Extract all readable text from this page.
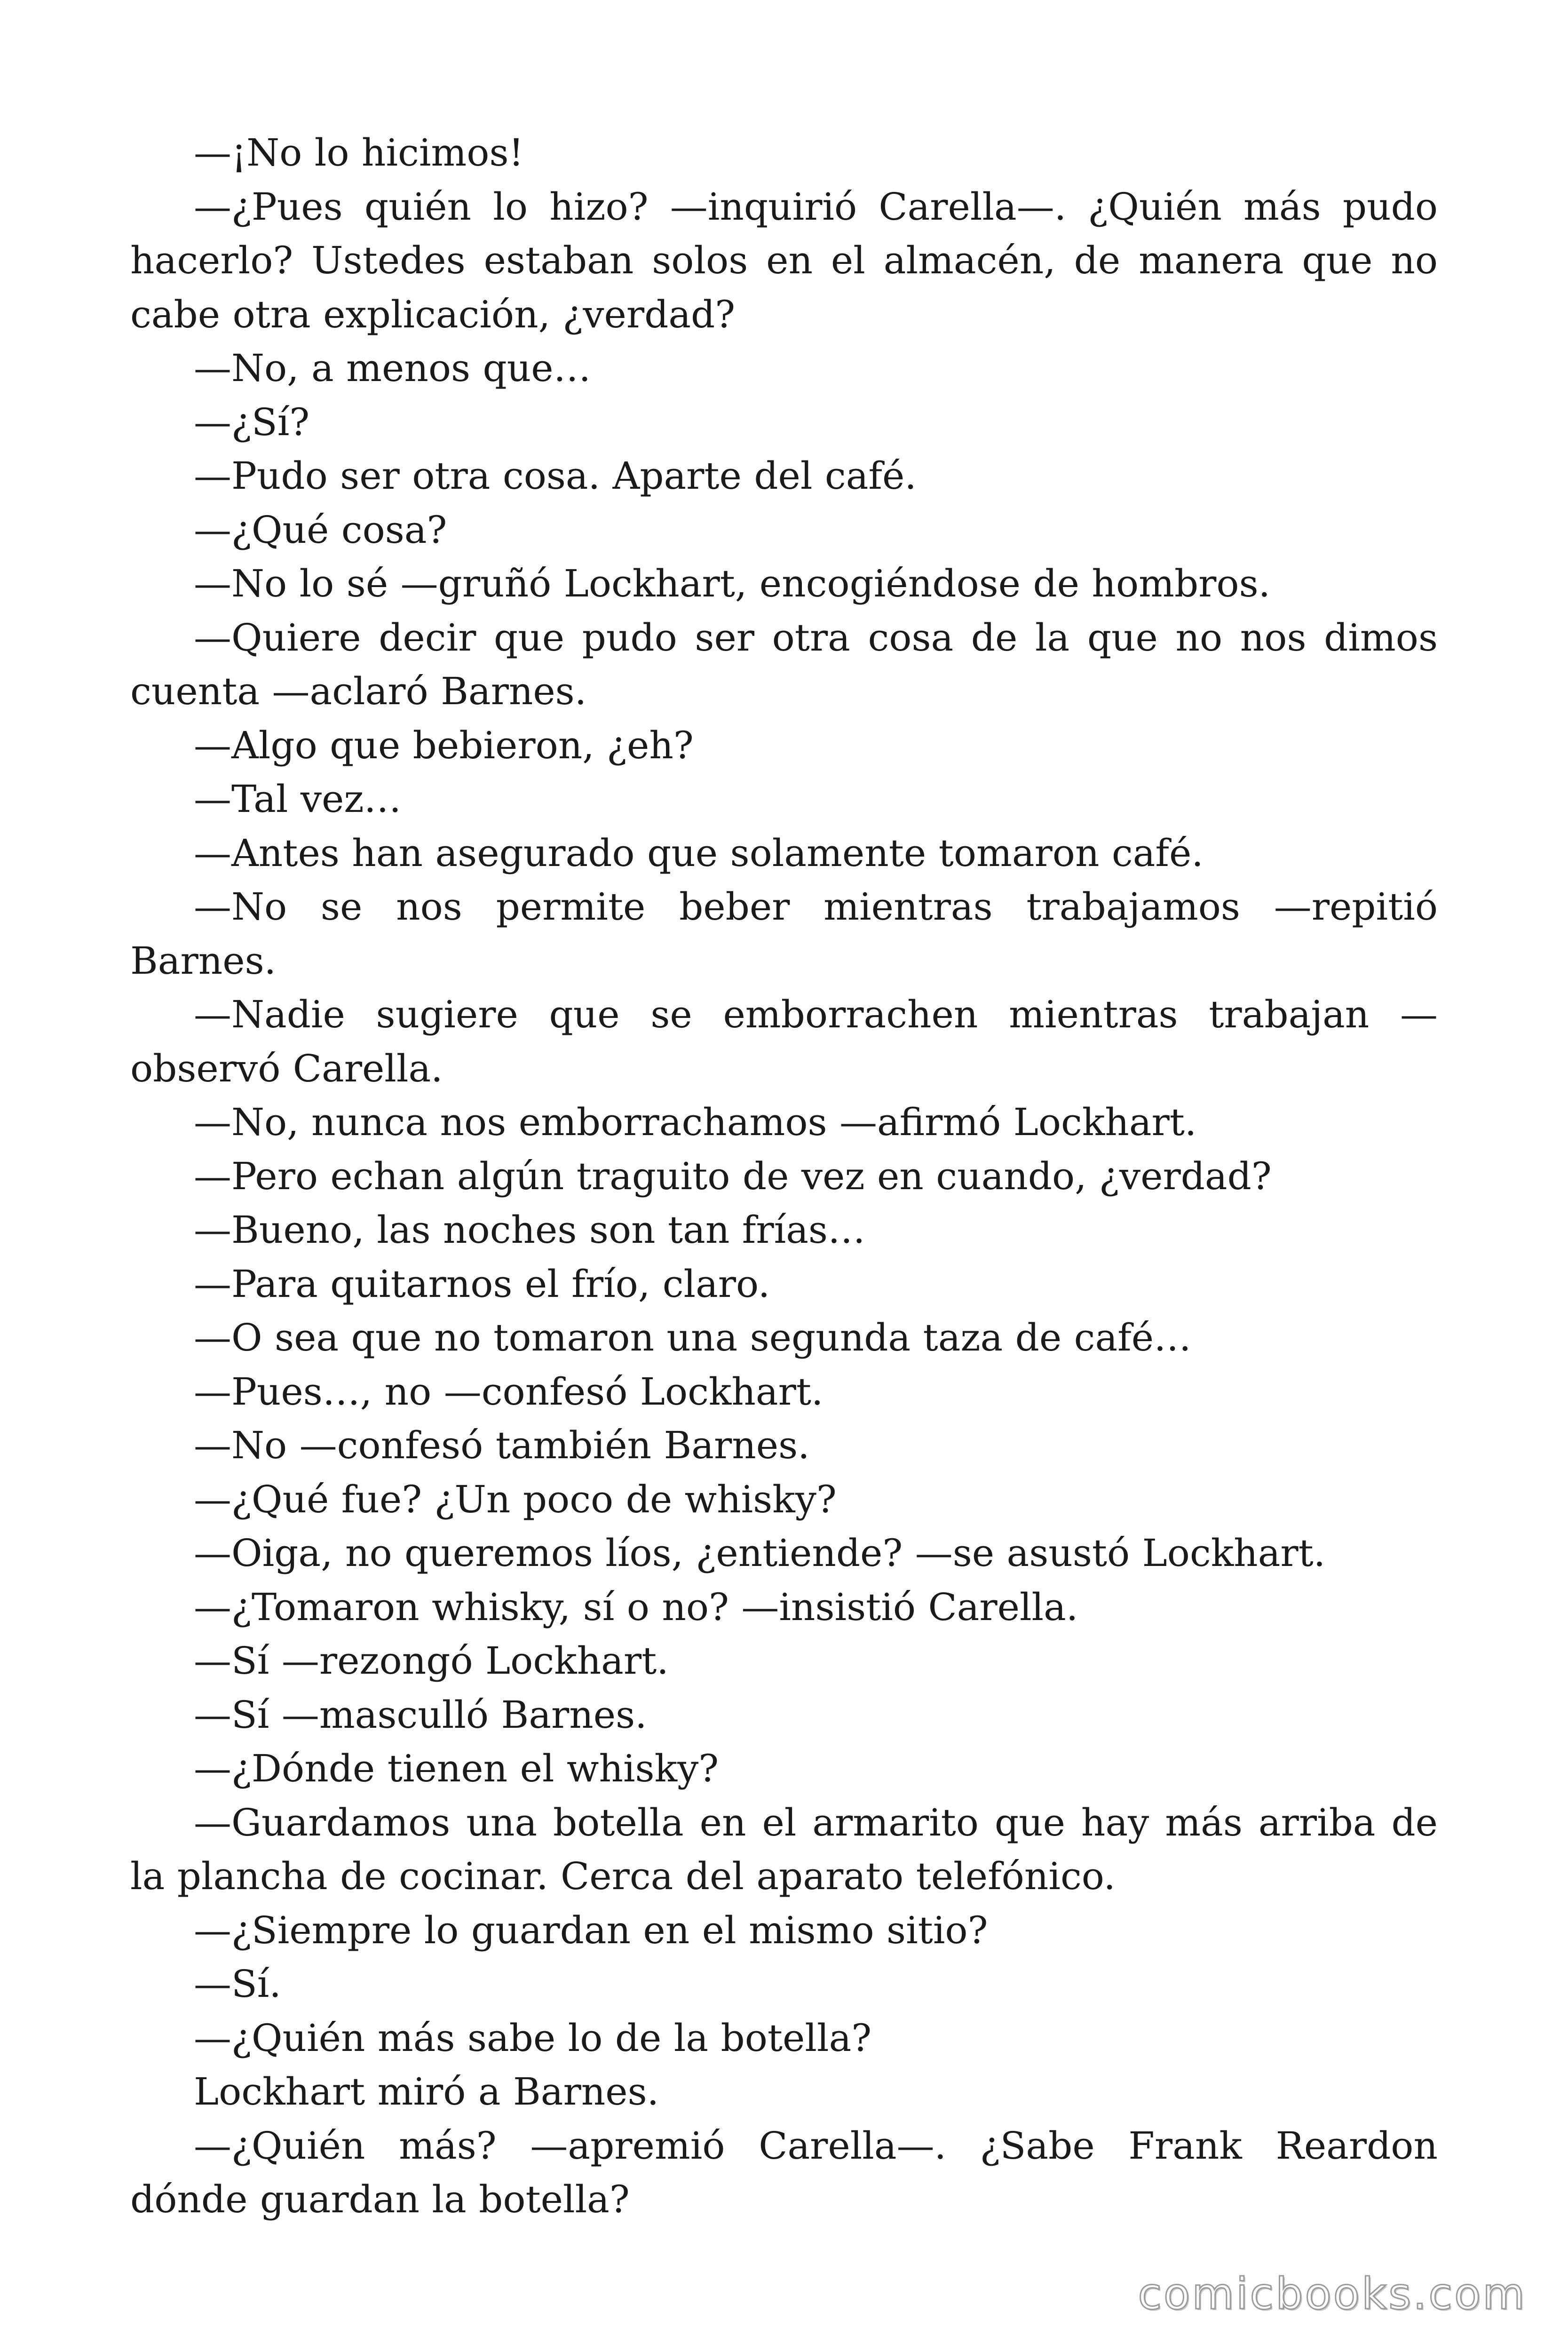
—¡No lo hicimos!

—¿Pues quién lo hizo? —inquirió Carella—. ¿Quién más pudo hacerlo? Ustedes estaban solos en el almacén, de manera que no cabe otra explicación, ¿verdad?

—No, a menos que…

—¿Sí?

—Pudo ser otra cosa. Aparte del café.

—¿Qué cosa?

—No lo sé —gruñó Lockhart, encogiéndose de hombros.

—Quiere decir que pudo ser otra cosa de la que no nos dimos cuenta —aclaró Barnes.

—Algo que bebieron, ¿eh?

—Tal vez…

—Antes han asegurado que solamente tomaron café.

—No se nos permite beber mientras trabajamos —repitió Barnes.

—Nadie sugiere que se emborrachen mientras trabajan —observó Carella.

—No, nunca nos emborrachamos —afirmó Lockhart.

—Pero echan algún traguito de vez en cuando, ¿verdad?

—Bueno, las noches son tan frías…

—Para quitarnos el frío, claro.

—O sea que no tomaron una segunda taza de café…

—Pues…, no —confesó Lockhart.

—No —confesó también Barnes.

—¿Qué fue? ¿Un poco de whisky?

—Oiga, no queremos líos, ¿entiende? —se asustó Lockhart.

—¿Tomaron whisky, sí o no? —insistió Carella.

—Sí —rezongó Lockhart.

—Sí —masculló Barnes.

—¿Dónde tienen el whisky?

—Guardamos una botella en el armarito que hay más arriba de la plancha de cocinar. Cerca del aparato telefónico.

—¿Siempre lo guardan en el mismo sitio?

—Sí.

—¿Quién más sabe lo de la botella?

Lockhart miró a Barnes.

—¿Quién más? —apremió Carella—. ¿Sabe Frank Reardon dónde guardan la botella?

comicbooks.com
